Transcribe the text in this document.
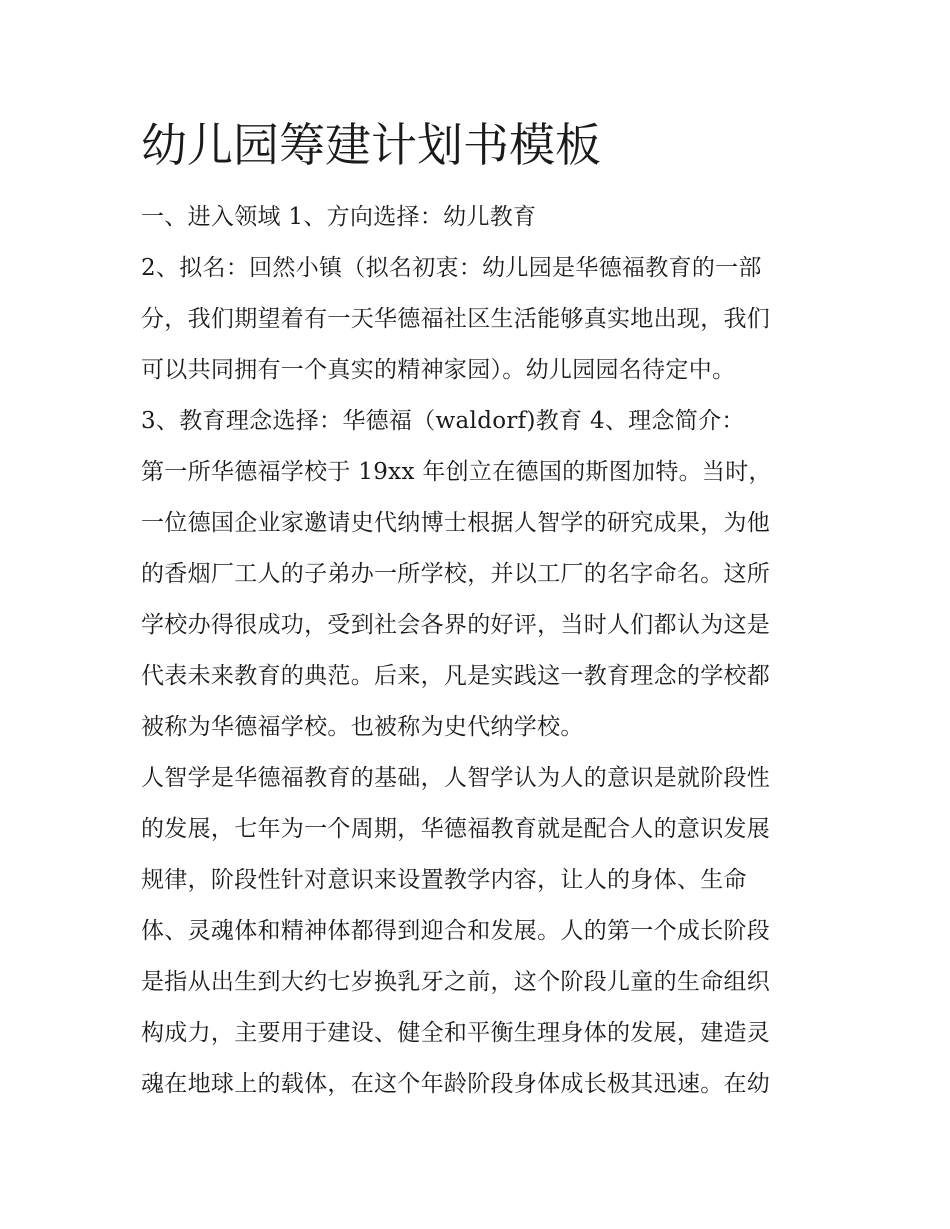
幼儿园筹建计划书模板
一、进入领域 1、方向选择：幼儿教育
2、拟名：回然小镇（拟名初衷：幼儿园是华德福教育的一部
分，我们期望着有一天华德福社区生活能够真实地出现，我们
可以共同拥有一个真实的精神家园）。幼儿园园名待定中。
3、教育理念选择：华德福（waldorf)教育 4、理念简介：
第一所华德福学校于 19xx 年创立在德国的斯图加特。当时，
一位德国企业家邀请史代纳博士根据人智学的研究成果，为他
的香烟厂工人的子弟办一所学校，并以工厂的名字命名。这所
学校办得很成功，受到社会各界的好评，当时人们都认为这是
代表未来教育的典范。后来，凡是实践这一教育理念的学校都
被称为华德福学校。也被称为史代纳学校。
人智学是华德福教育的基础，人智学认为人的意识是就阶段性
的发展，七年为一个周期，华德福教育就是配合人的意识发展
规律，阶段性针对意识来设置教学内容，让人的身体、生命
体、灵魂体和精神体都得到迎合和发展。人的第一个成长阶段
是指从出生到大约七岁换乳牙之前，这个阶段儿童的生命组织
构成力，主要用于建设、健全和平衡生理身体的发展，建造灵
魂在地球上的载体，在这个年龄阶段身体成长极其迅速。在幼
